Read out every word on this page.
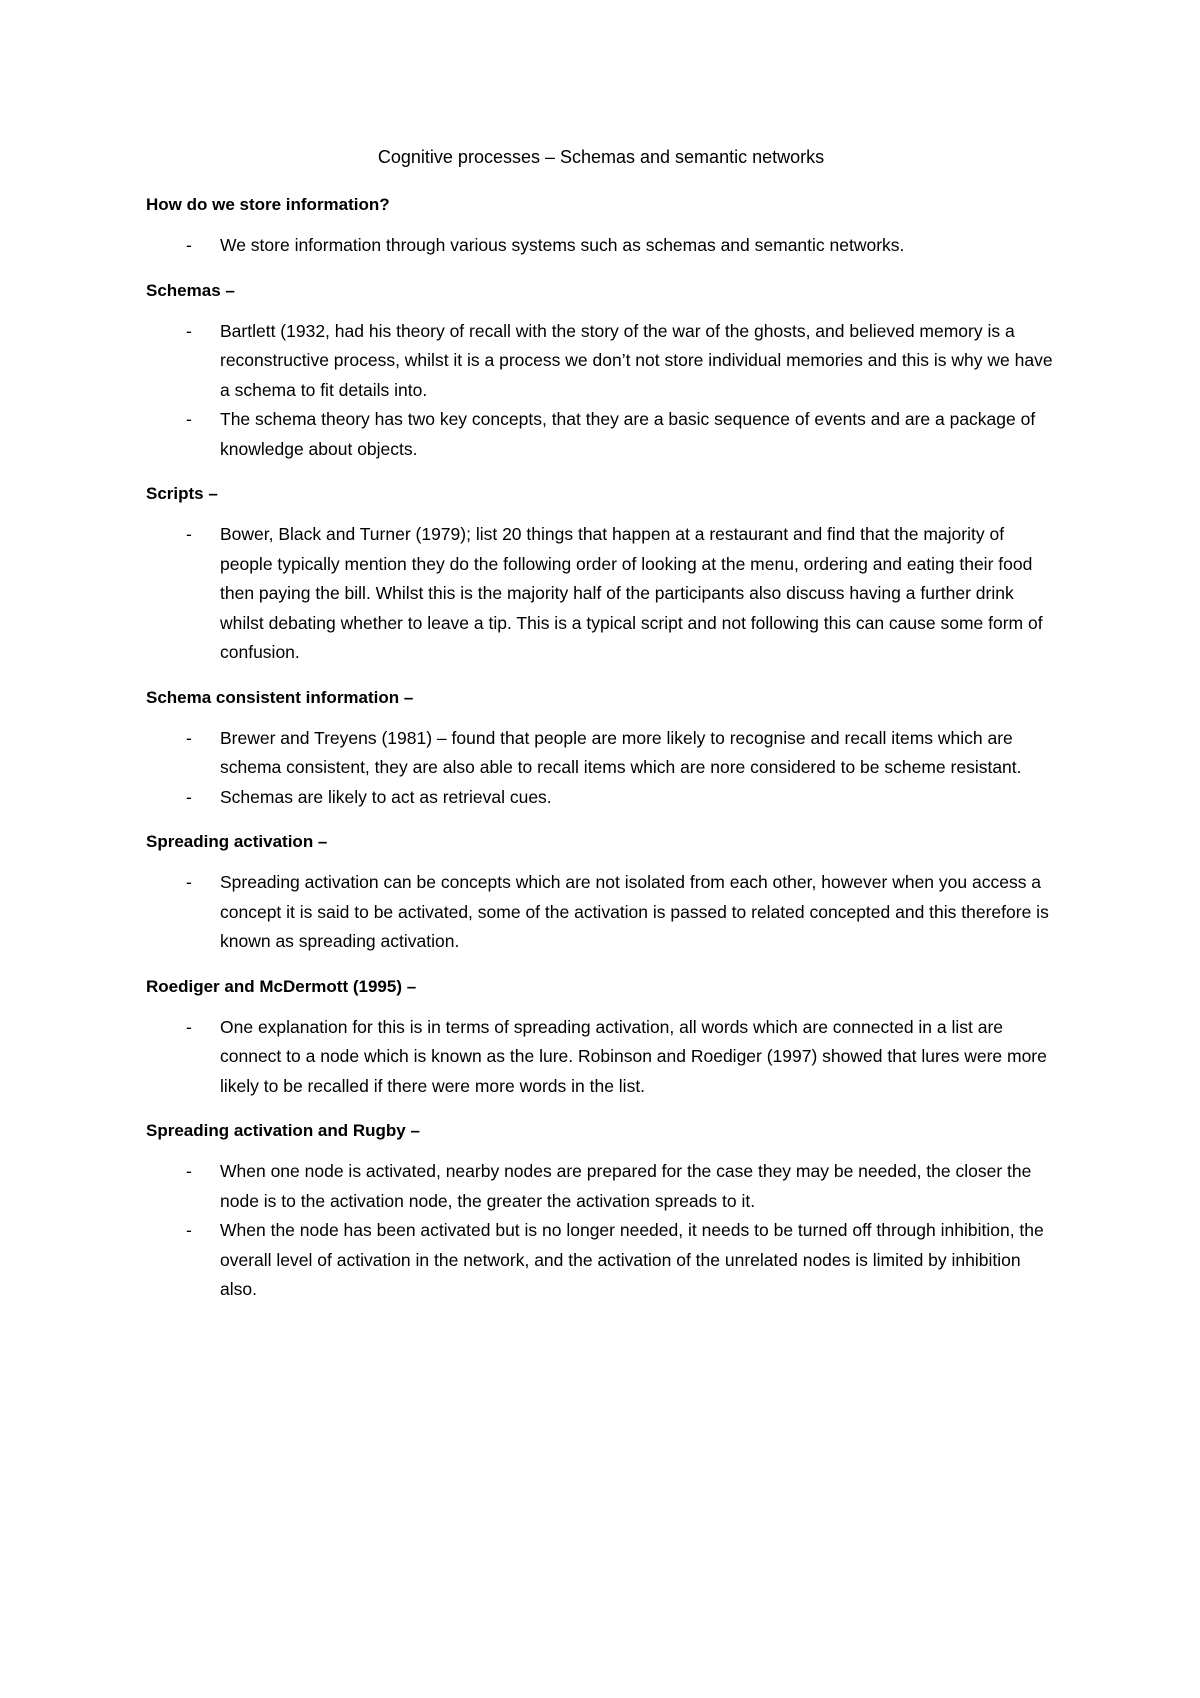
Cognitive processes – Schemas and semantic networks
How do we store information?
- We store information through various systems such as schemas and semantic networks.
Schemas –
- Bartlett (1932, had his theory of recall with the story of the war of the ghosts, and believed memory is a reconstructive process, whilst it is a process we don’t not store individual memories and this is why we have a schema to fit details into.
- The schema theory has two key concepts, that they are a basic sequence of events and are a package of knowledge about objects.
Scripts –
- Bower, Black and Turner (1979); list 20 things that happen at a restaurant and find that the majority of people typically mention they do the following order of looking at the menu, ordering and eating their food then paying the bill. Whilst this is the majority half of the participants also discuss having a further drink whilst debating whether to leave a tip. This is a typical script and not following this can cause some form of confusion.
Schema consistent information –
- Brewer and Treyens (1981) – found that people are more likely to recognise and recall items which are schema consistent, they are also able to recall items which are nore considered to be scheme resistant.
- Schemas are likely to act as retrieval cues.
Spreading activation –
- Spreading activation can be concepts which are not isolated from each other, however when you access a concept it is said to be activated, some of the activation is passed to related concepted and this therefore is known as spreading activation.
Roediger and McDermott (1995) –
- One explanation for this is in terms of spreading activation, all words which are connected in a list are connect to a node which is known as the lure. Robinson and Roediger (1997) showed that lures were more likely to be recalled if there were more words in the list.
Spreading activation and Rugby –
- When one node is activated, nearby nodes are prepared for the case they may be needed, the closer the node is to the activation node, the greater the activation spreads to it.
- When the node has been activated but is no longer needed, it needs to be turned off through inhibition, the overall level of activation in the network, and the activation of the unrelated nodes is limited by inhibition also.
